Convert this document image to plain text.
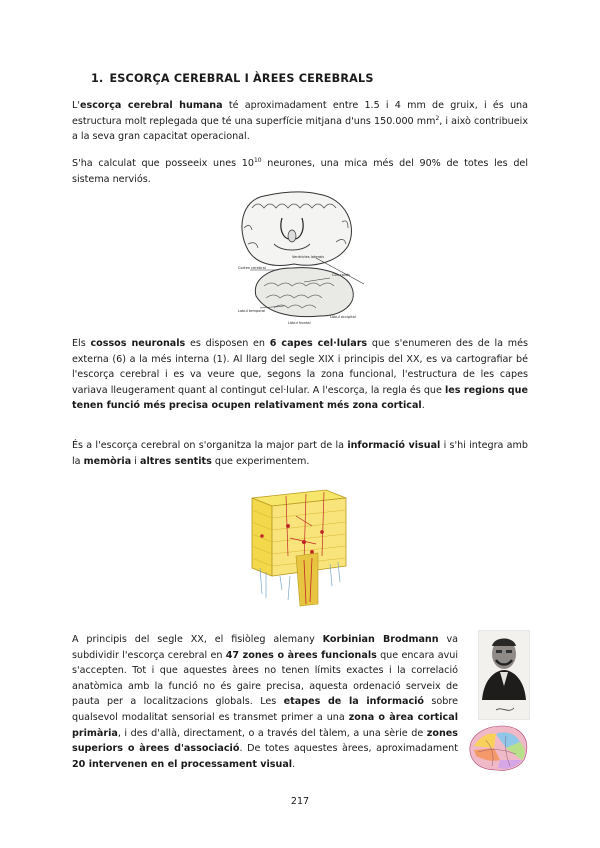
1. ESCORÇA CEREBRAL I ÀREES CEREBRALS

L'escorça cerebral humana té aproximadament entre 1.5 i 4 mm de gruix, i és una estructura molt replegada que té una superfície mitjana d'uns 150.000 $mm^2$, i això contribueix a la seva gran capacitat operacional.

S'ha calculat que posseeix unes $10^{10}$ neurones, una mica més del 90% de totes les del sistema nerviós.

Cortex cerebral
Ventricles laterals
Cos callós
Lobul temporal
Lòbul frontal
Lòbul occipital

Els cossos neuronals es disposen en 6 capes cel·lulars que s'enumeren des de la més externa (6) a la més interna (1). Al llarg del segle XIX i principis del XX, es va cartografiar bé l'escorça cerebral i es va veure que, segons la zona funcional, l'estructura de les capes variava lleugerament quant al contingut cel·lular. A l'escorça, la regla és que les regions que tenen funció més precisa ocupen relativament més zona cortical.

És a l'escorça cerebral on s'organitza la major part de la informació visual i s'hi integra amb la memòria i altres sentits que experimentem.

A principis del segle XX, el fisiòleg alemany Korbinian Brodmann va subdividir l'escorça cerebral en 47 zones o àrees funcionals que encara avui s'accepten. Tot i que aquestes àrees no tenen límits exactes i la correlació anatòmica amb la funció no és gaire precisa, aquesta ordenació serveix de pauta per a localitzacions globals. Les etapes de la informació sobre qualsevol modalitat sensorial es transmet primer a una zona o àrea cortical primària, i des d'allà, directament, o a través del tàlem, a una sèrie de zones superiors o àrees d'associació. De totes aquestes àrees, aproximadament 20 intervenen en el processament visual.

217
